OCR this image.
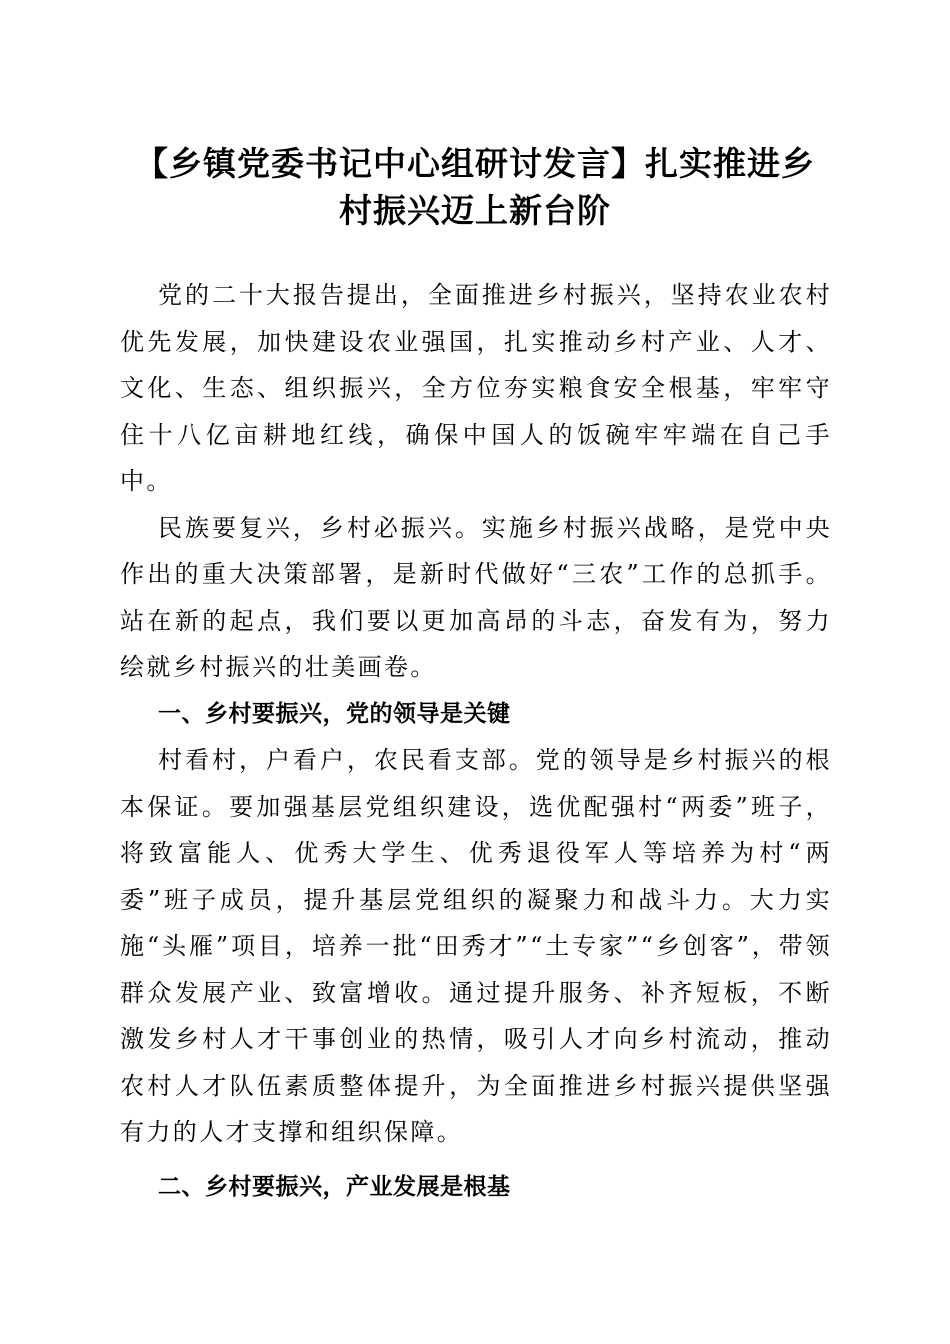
【乡镇党委书记中心组研讨发言】扎实推进乡
村振兴迈上新台阶

党的二十大报告提出，全面推进乡村振兴，坚持农业农村优先发展，加快建设农业强国，扎实推动乡村产业、人才、文化、生态、组织振兴，全方位夯实粮食安全根基，牢牢守住十八亿亩耕地红线，确保中国人的饭碗牢牢端在自己手中。

民族要复兴，乡村必振兴。实施乡村振兴战略，是党中央作出的重大决策部署，是新时代做好“三农”工作的总抓手。站在新的起点，我们要以更加高昂的斗志，奋发有为，努力绘就乡村振兴的壮美画卷。

一、乡村要振兴，党的领导是关键

村看村，户看户，农民看支部。党的领导是乡村振兴的根本保证。要加强基层党组织建设，选优配强村“两委”班子，将致富能人、优秀大学生、优秀退役军人等培养为村“两委”班子成员，提升基层党组织的凝聚力和战斗力。大力实施“头雁”项目，培养一批“田秀才”“土专家”“乡创客”，带领群众发展产业、致富增收。通过提升服务、补齐短板，不断激发乡村人才干事创业的热情，吸引人才向乡村流动，推动农村人才队伍素质整体提升，为全面推进乡村振兴提供坚强有力的人才支撑和组织保障。

二、乡村要振兴，产业发展是根基
